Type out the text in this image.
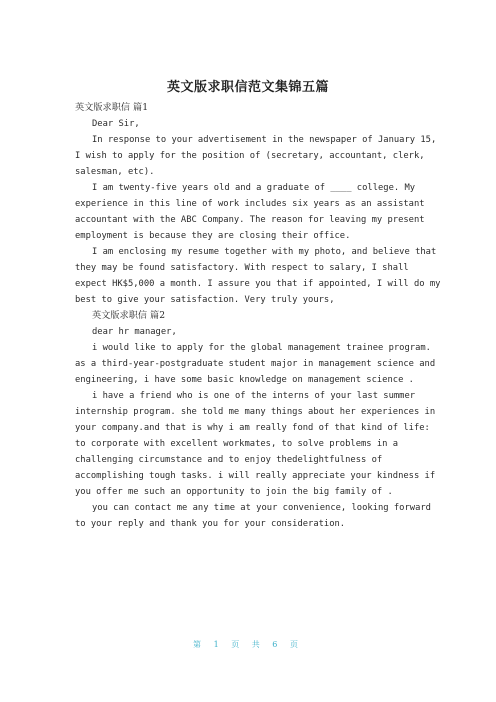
英文版求职信范文集锦五篇
英文版求职信 篇1
Dear Sir,
In response to your advertisement in the newspaper of January 15,
I wish to apply for the position of (secretary, accountant, clerk,
salesman, etc).
I am twenty-five years old and a graduate of ____ college. My
experience in this line of work includes six years as an assistant
accountant with the ABC Company. The reason for leaving my present
employment is because they are closing their office.
I am enclosing my resume together with my photo, and believe that
they may be found satisfactory. With respect to salary, I shall
expect HK$5,000 a month. I assure you that if appointed, I will do my
best to give your satisfaction. Very truly yours,
英文版求职信 篇2
dear hr manager,
i would like to apply for the global management trainee program.
as a third-year-postgraduate student major in management science and
engineering, i have some basic knowledge on management science .
i have a friend who is one of the interns of your last summer
internship program. she told me many things about her experiences in
your company.and that is why i am really fond of that kind of life:
to corporate with excellent workmates, to solve problems in a
challenging circumstance and to enjoy thedelightfulness of
accomplishing tough tasks. i will really appreciate your kindness if
you offer me such an opportunity to join the big family of .
you can contact me any time at your convenience, looking forward
to your reply and thank you for your consideration.
第 1 页 共 6 页
